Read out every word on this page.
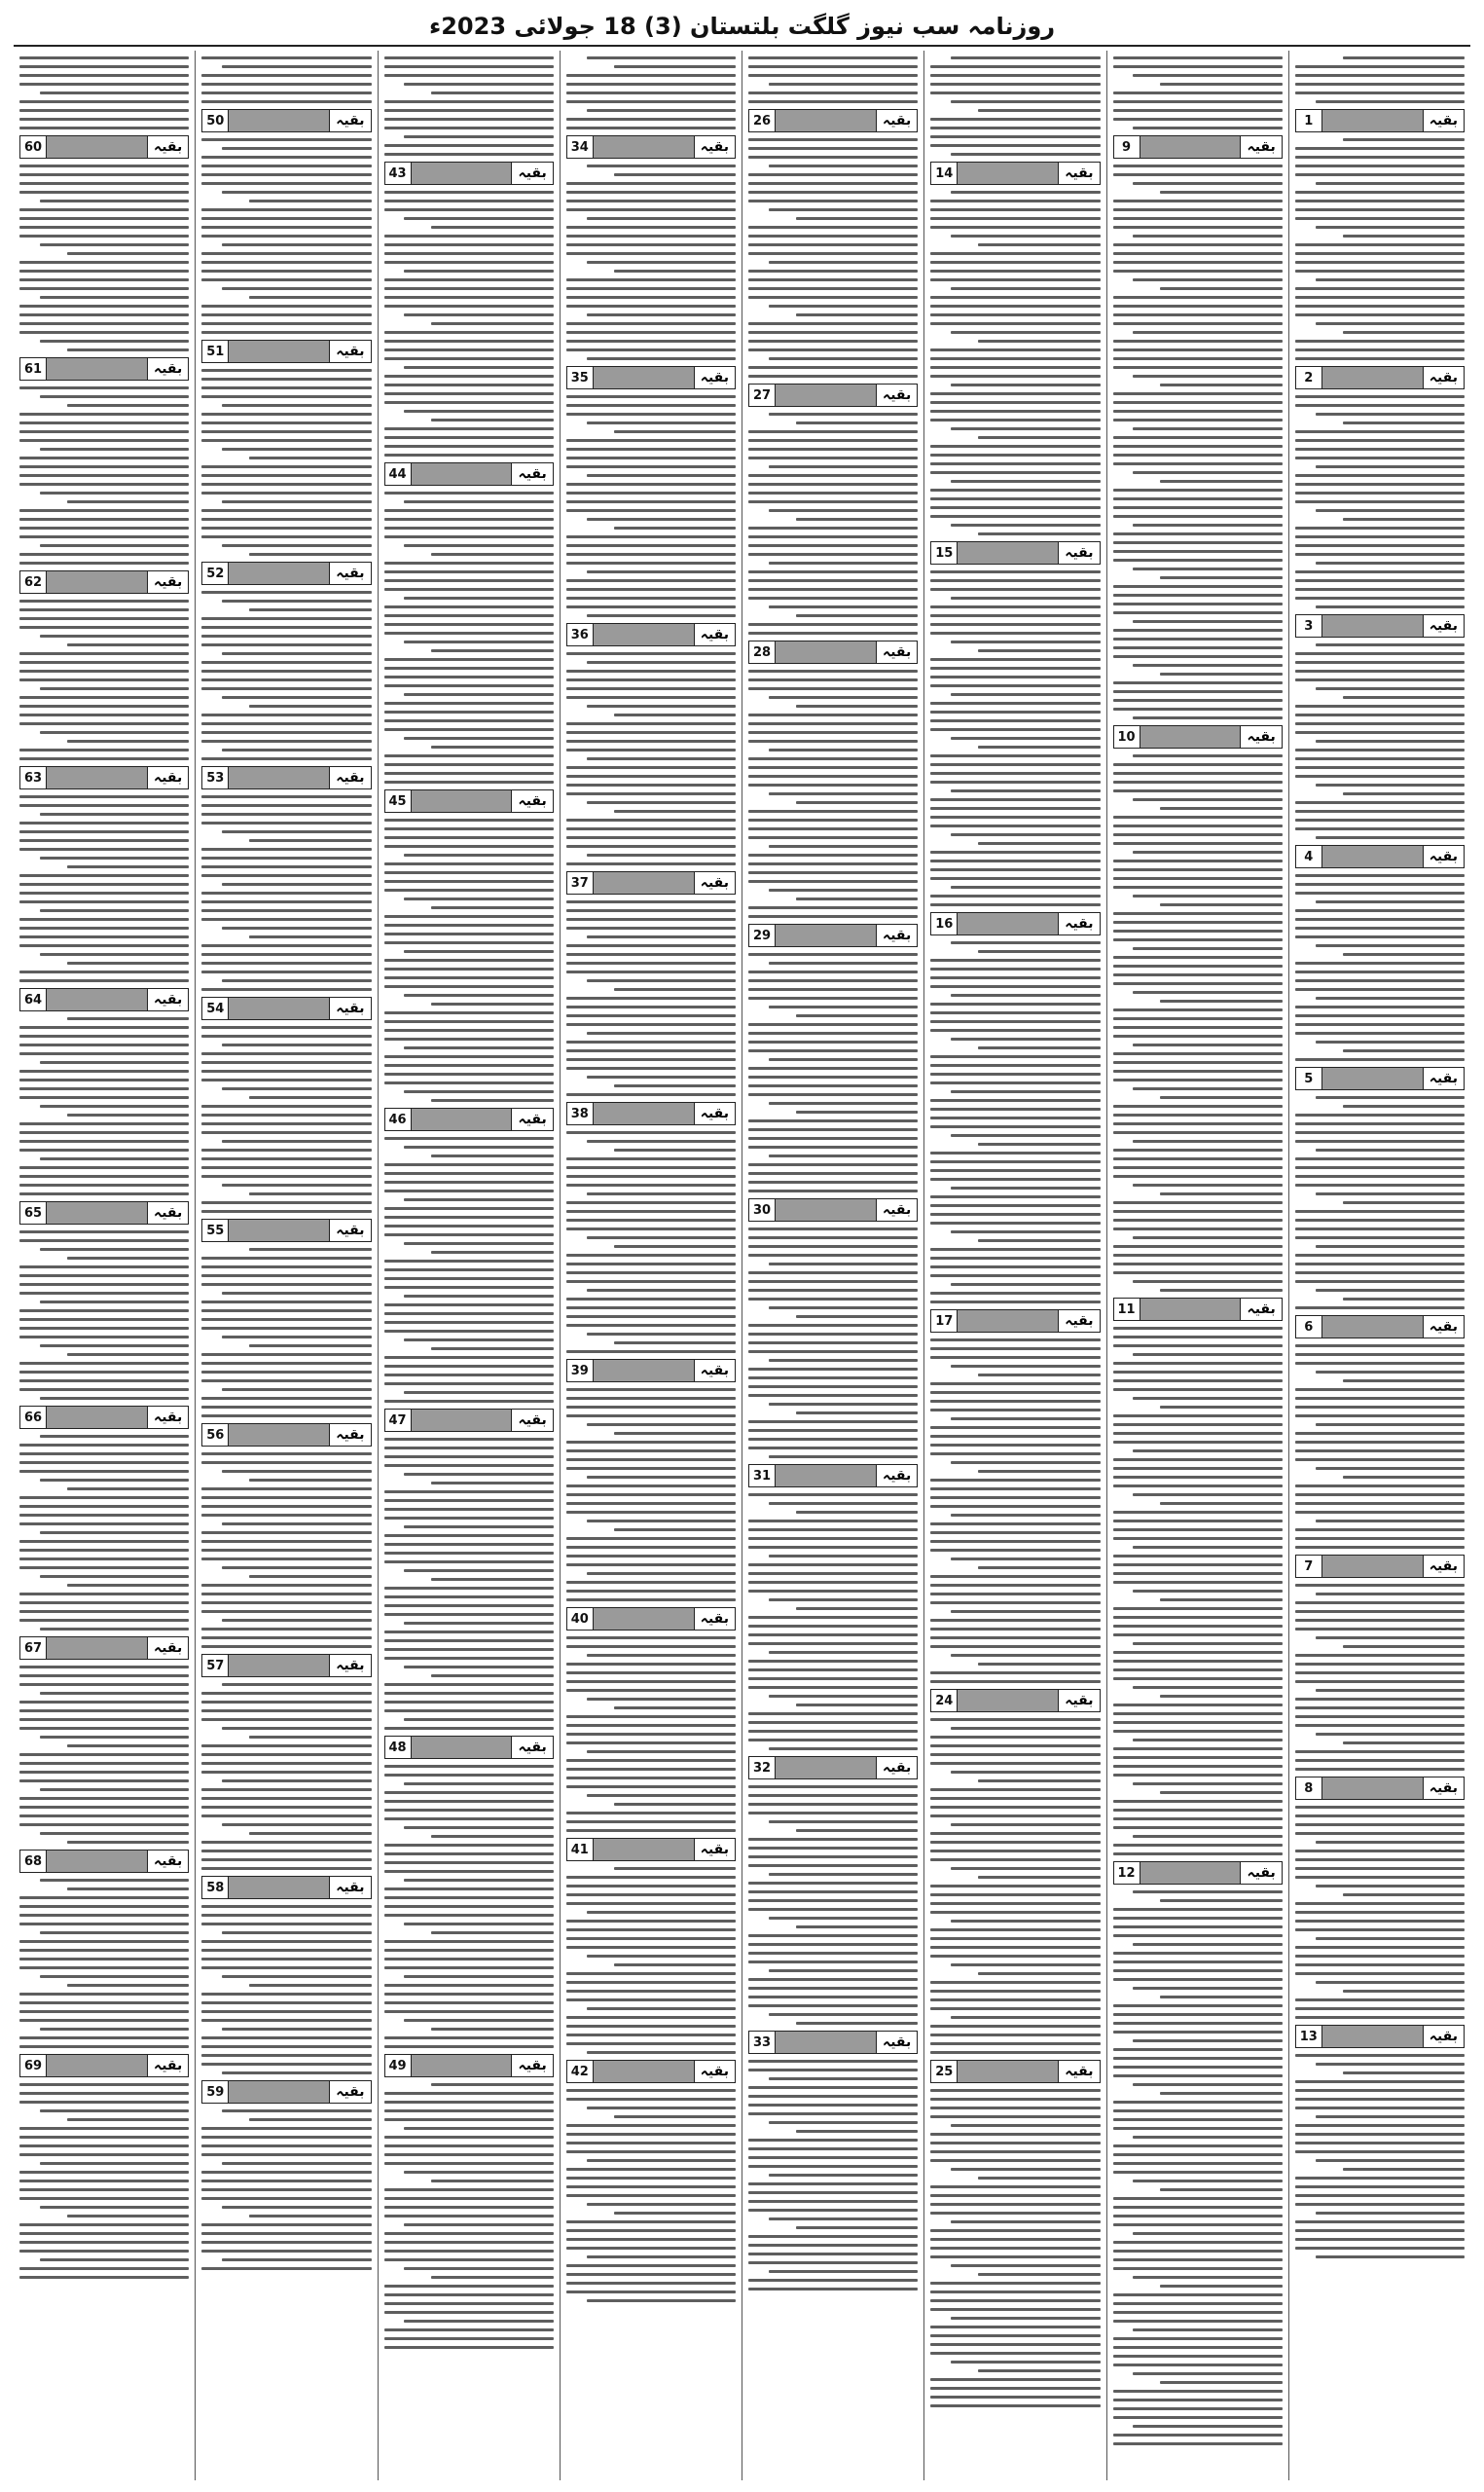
روزنامہ سب نیوز گلگت بلتستان (3) 18 جولائی 2023ء
بقیہ
1
بقیہ
2
بقیہ
3
بقیہ
4
بقیہ
5
بقیہ
6
بقیہ
7
بقیہ
8
بقیہ
13
بقیہ
9
بقیہ
10
بقیہ
11
بقیہ
12
بقیہ
14
بقیہ
15
بقیہ
16
بقیہ
17
بقیہ
24
بقیہ
25
بقیہ
26
بقیہ
27
بقیہ
28
بقیہ
29
بقیہ
30
بقیہ
31
بقیہ
32
بقیہ
33
بقیہ
34
بقیہ
35
بقیہ
36
بقیہ
37
بقیہ
38
بقیہ
39
بقیہ
40
بقیہ
41
بقیہ
42
بقیہ
43
بقیہ
44
بقیہ
45
بقیہ
46
بقیہ
47
بقیہ
48
بقیہ
49
بقیہ
50
بقیہ
51
بقیہ
52
بقیہ
53
بقیہ
54
بقیہ
55
بقیہ
56
بقیہ
57
بقیہ
58
بقیہ
59
بقیہ
60
بقیہ
61
بقیہ
62
بقیہ
63
بقیہ
64
بقیہ
65
بقیہ
66
بقیہ
67
بقیہ
68
بقیہ
69
